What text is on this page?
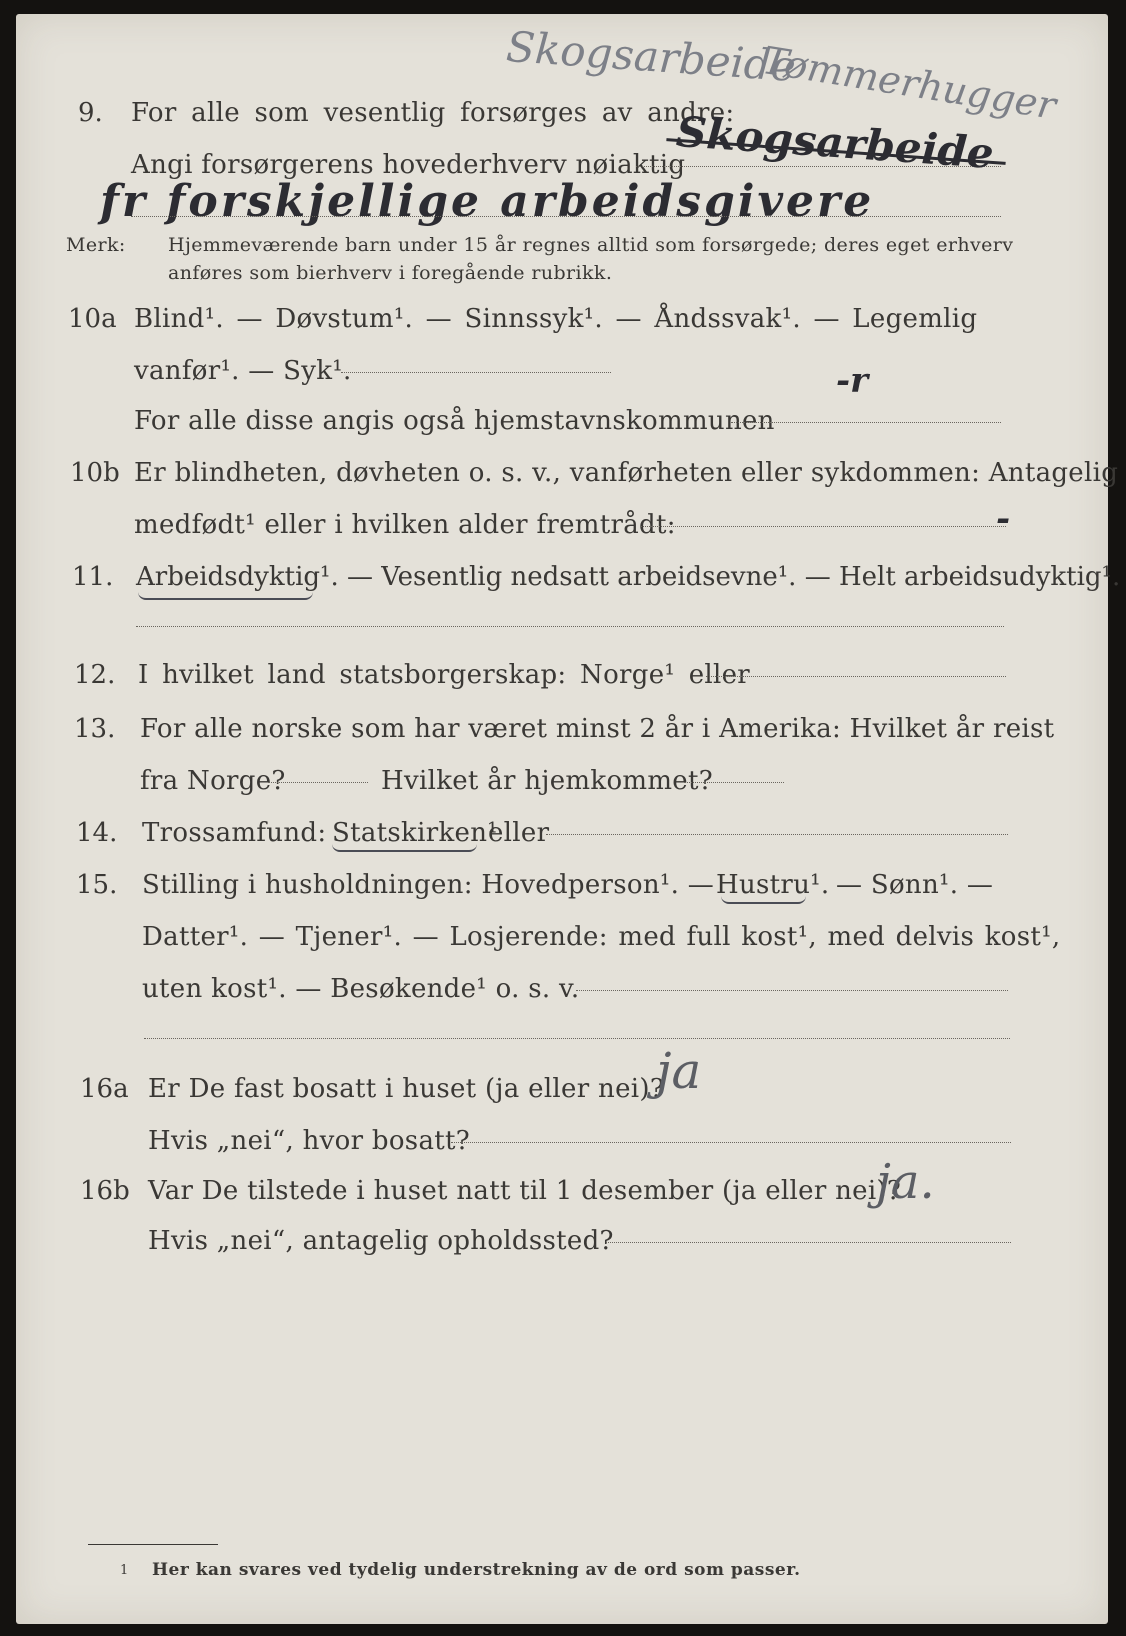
Skogsarbeide
Tømmerhugger
9. For alle som vesentlig forsørges av andre:
Angi forsørgerens hovederhverv nøiaktig
Skogsarbeide
fr forskjellige arbeidsgivere
Merk: Hjemmeværende barn under 15 år regnes alltid som forsørgede; deres eget erhverv
anføres som bierhverv i foregående rubrikk.
10a Blind¹. — Døvstum¹. — Sinnssyk¹. — Åndssvak¹. — Legemlig
vanfør¹. — Syk¹.	-r
For alle disse angis også hjemstavnskommunen
10b Er blindheten, døvheten o. s. v., vanførheten eller sykdommen: Antagelig
medfødt¹ eller i hvilken alder fremtrådt:	-
11. Arbeidsdyktig¹. — Vesentlig nedsatt arbeidsevne¹. — Helt arbeidsudyktig¹.
12. I hvilket land statsborgerskap: Norge¹ eller
13. For alle norske som har været minst 2 år i Amerika: Hvilket år reist
fra Norge?	Hvilket år hjemkommet?
14. Trossamfund: Statskirken¹
eller
15. Stilling i husholdningen: Hovedperson¹. — Hustru¹. — Sønn¹. —
Datter¹. — Tjener¹. — Losjerende: med full kost¹, med delvis kost¹,
uten kost¹. — Besøkende¹ o. s. v.
16a Er De fast bosatt i huset (ja eller nei)?
ja
Hvis „nei“, hvor bosatt?
16b Var De tilstede i huset natt til 1 desember (ja eller nei)?
ja.
Hvis „nei“, antagelig opholdssted?
1 Her kan svares ved tydelig understrekning av de ord som passer.
